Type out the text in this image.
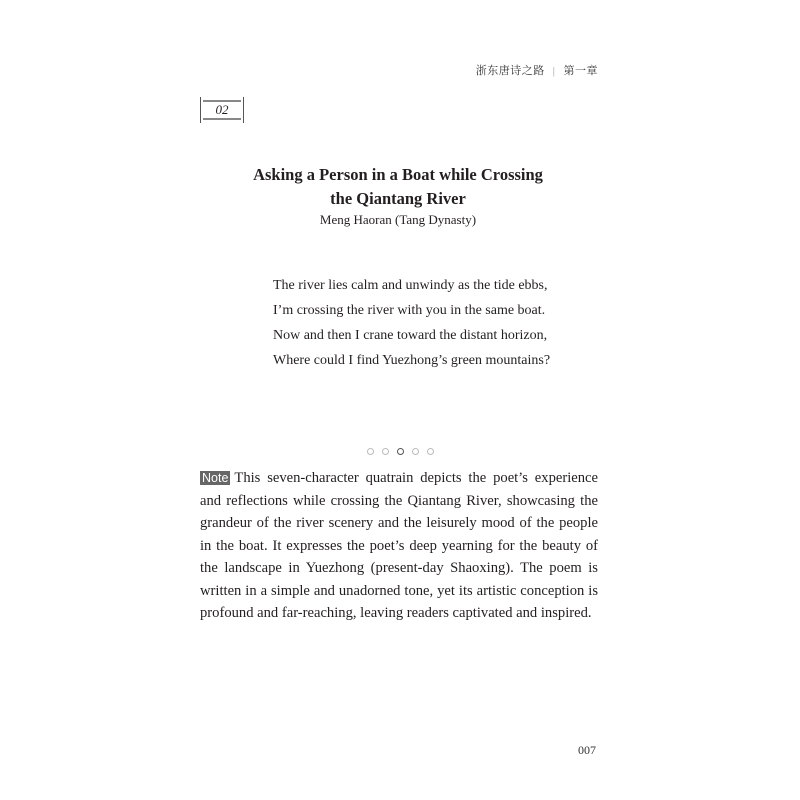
浙东唐诗之路 | 第一章
02
Asking a Person in a Boat while Crossing
the Qiantang River
Meng Haoran (Tang Dynasty)
The river lies calm and unwindy as the tide ebbs,
I’m crossing the river with you in the same boat.
Now and then I crane toward the distant horizon,
Where could I find Yuezhong’s green mountains?
Note This seven-character quatrain depicts the poet’s experience and reflections while crossing the Qiantang River, showcasing the grandeur of the river scenery and the leisurely mood of the people in the boat. It expresses the poet’s deep yearning for the beauty of the landscape in Yuezhong (present-day Shaoxing). The poem is written in a simple and unadorned tone, yet its artistic conception is profound and far-reaching, leaving readers captivated and inspired.
007
